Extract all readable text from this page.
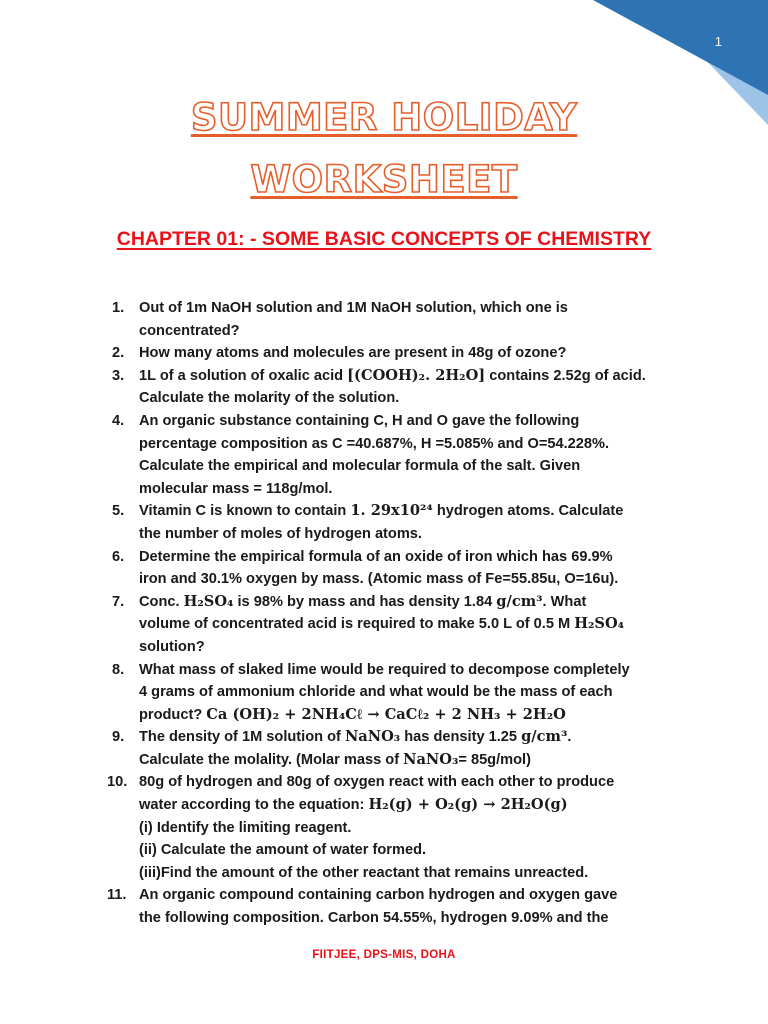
1
SUMMER HOLIDAY
WORKSHEET
CHAPTER 01: - SOME BASIC CONCEPTS OF CHEMISTRY
1. Out of 1m NaOH solution and 1M NaOH solution, which one is
concentrated?
2. How many atoms and molecules are present in 48g of ozone?
3. 1L of a solution of oxalic acid [(COOH)₂. 2H₂O] contains 2.52g of acid.
Calculate the molarity of the solution.
4. An organic substance containing C, H and O gave the following
percentage composition as C =40.687%, H =5.085% and O=54.228%.
Calculate the empirical and molecular formula of the salt. Given
molecular mass = 118g/mol.
5. Vitamin C is known to contain 1. 29x10²⁴ hydrogen atoms. Calculate
the number of moles of hydrogen atoms.
6. Determine the empirical formula of an oxide of iron which has 69.9%
iron and 30.1% oxygen by mass. (Atomic mass of Fe=55.85u, O=16u).
7. Conc. H₂SO₄ is 98% by mass and has density 1.84 g/cm³. What
volume of concentrated acid is required to make 5.0 L of 0.5 M H₂SO₄
solution?
8. What mass of slaked lime would be required to decompose completely
4 grams of ammonium chloride and what would be the mass of each
product? Ca (OH)₂ + 2NH₄Cℓ → CaCℓ₂ + 2 NH₃ + 2H₂O
9. The density of 1M solution of NaNO₃ has density 1.25 g/cm³.
Calculate the molality. (Molar mass of NaNO₃= 85g/mol)
10. 80g of hydrogen and 80g of oxygen react with each other to produce
water according to the equation: H₂(g) + O₂(g) → 2H₂O(g)
(i) Identify the limiting reagent.
(ii) Calculate the amount of water formed.
(iii)Find the amount of the other reactant that remains unreacted.
11. An organic compound containing carbon hydrogen and oxygen gave
the following composition. Carbon 54.55%, hydrogen 9.09% and the
FIITJEE, DPS-MIS, DOHA
